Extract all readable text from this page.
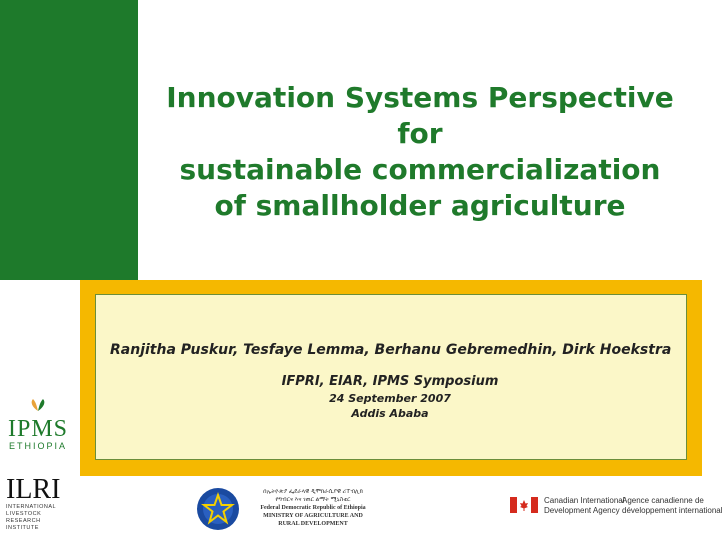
Innovation Systems Perspective
for
sustainable commercialization
of smallholder agriculture
Ranjitha Puskur, Tesfaye Lemma, Berhanu Gebremedhin, Dirk Hoekstra
IFPRI, EIAR, IPMS Symposium
24 September 2007
Addis Ababa
IPMS
ETHIOPIA
ILRI
INTERNATIONAL
LIVESTOCK RESEARCH
INSTITUTE
በኢትዮጵያ ፌደራላዊ ዲሞክራሲያዊ ሪፐብሊክ
የግብርና እና ገጠር ልማት ሚኒስቴር
Federal Democratic Republic of Ethiopia
MINISTRY OF AGRICULTURE AND
RURAL DEVELOPMENT
Canadian International
Development Agency
Agence canadienne de
développement international
